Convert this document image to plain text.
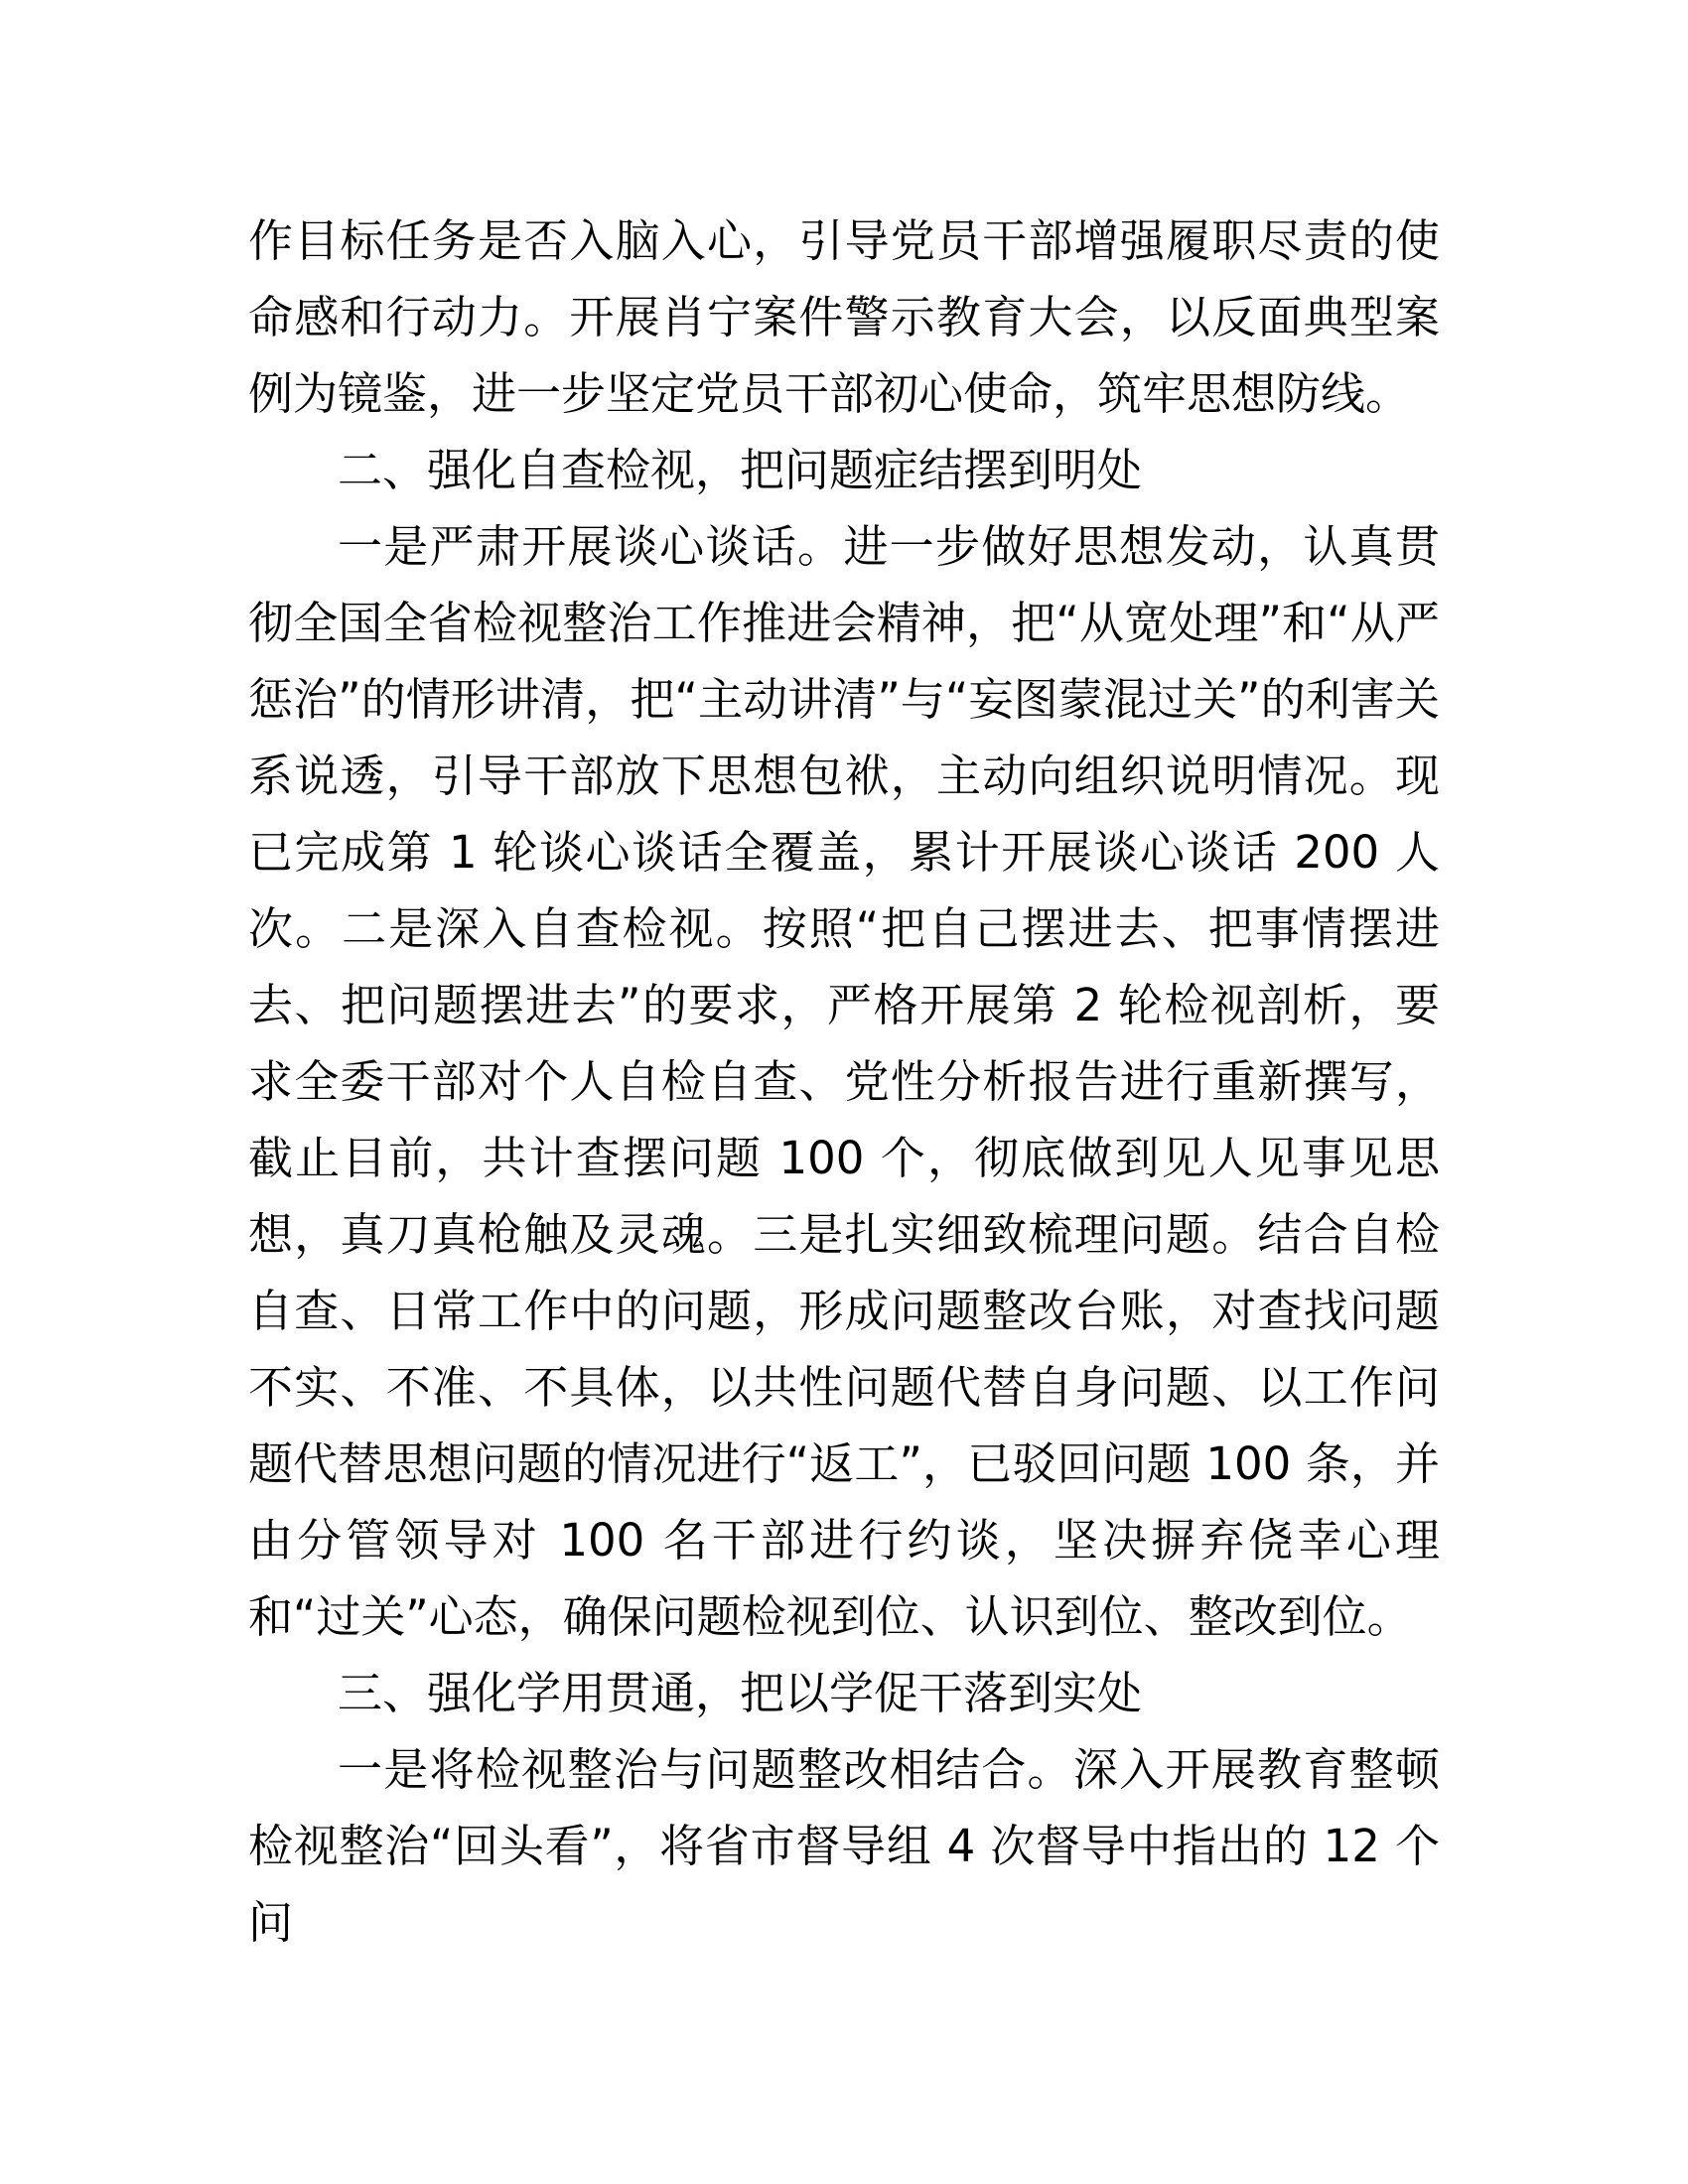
作目标任务是否入脑入心，引导党员干部增强履职尽责的使命感和行动力。开展肖宁案件警示教育大会，以反面典型案例为镜鉴，进一步坚定党员干部初心使命，筑牢思想防线。

二、强化自查检视，把问题症结摆到明处

一是严肃开展谈心谈话。进一步做好思想发动，认真贯彻全国全省检视整治工作推进会精神，把“从宽处理”和“从严惩治”的情形讲清，把“主动讲清”与“妄图蒙混过关”的利害关系说透，引导干部放下思想包袱，主动向组织说明情况。现已完成第 1 轮谈心谈话全覆盖，累计开展谈心谈话 200 人次。二是深入自查检视。按照“把自己摆进去、把事情摆进去、把问题摆进去”的要求，严格开展第 2 轮检视剖析，要求全委干部对个人自检自查、党性分析报告进行重新撰写，截止目前，共计查摆问题 100 个，彻底做到见人见事见思想，真刀真枪触及灵魂。三是扎实细致梳理问题。结合自检自查、日常工作中的问题，形成问题整改台账，对查找问题不实、不准、不具体，以共性问题代替自身问题、以工作问题代替思想问题的情况进行“返工”，已驳回问题 100 条，并由分管领导对 100 名干部进行约谈，坚决摒弃侥幸心理和“过关”心态，确保问题检视到位、认识到位、整改到位。

三、强化学用贯通，把以学促干落到实处

一是将检视整治与问题整改相结合。深入开展教育整顿检视整治“回头看”，将省市督导组 4 次督导中指出的 12 个问
